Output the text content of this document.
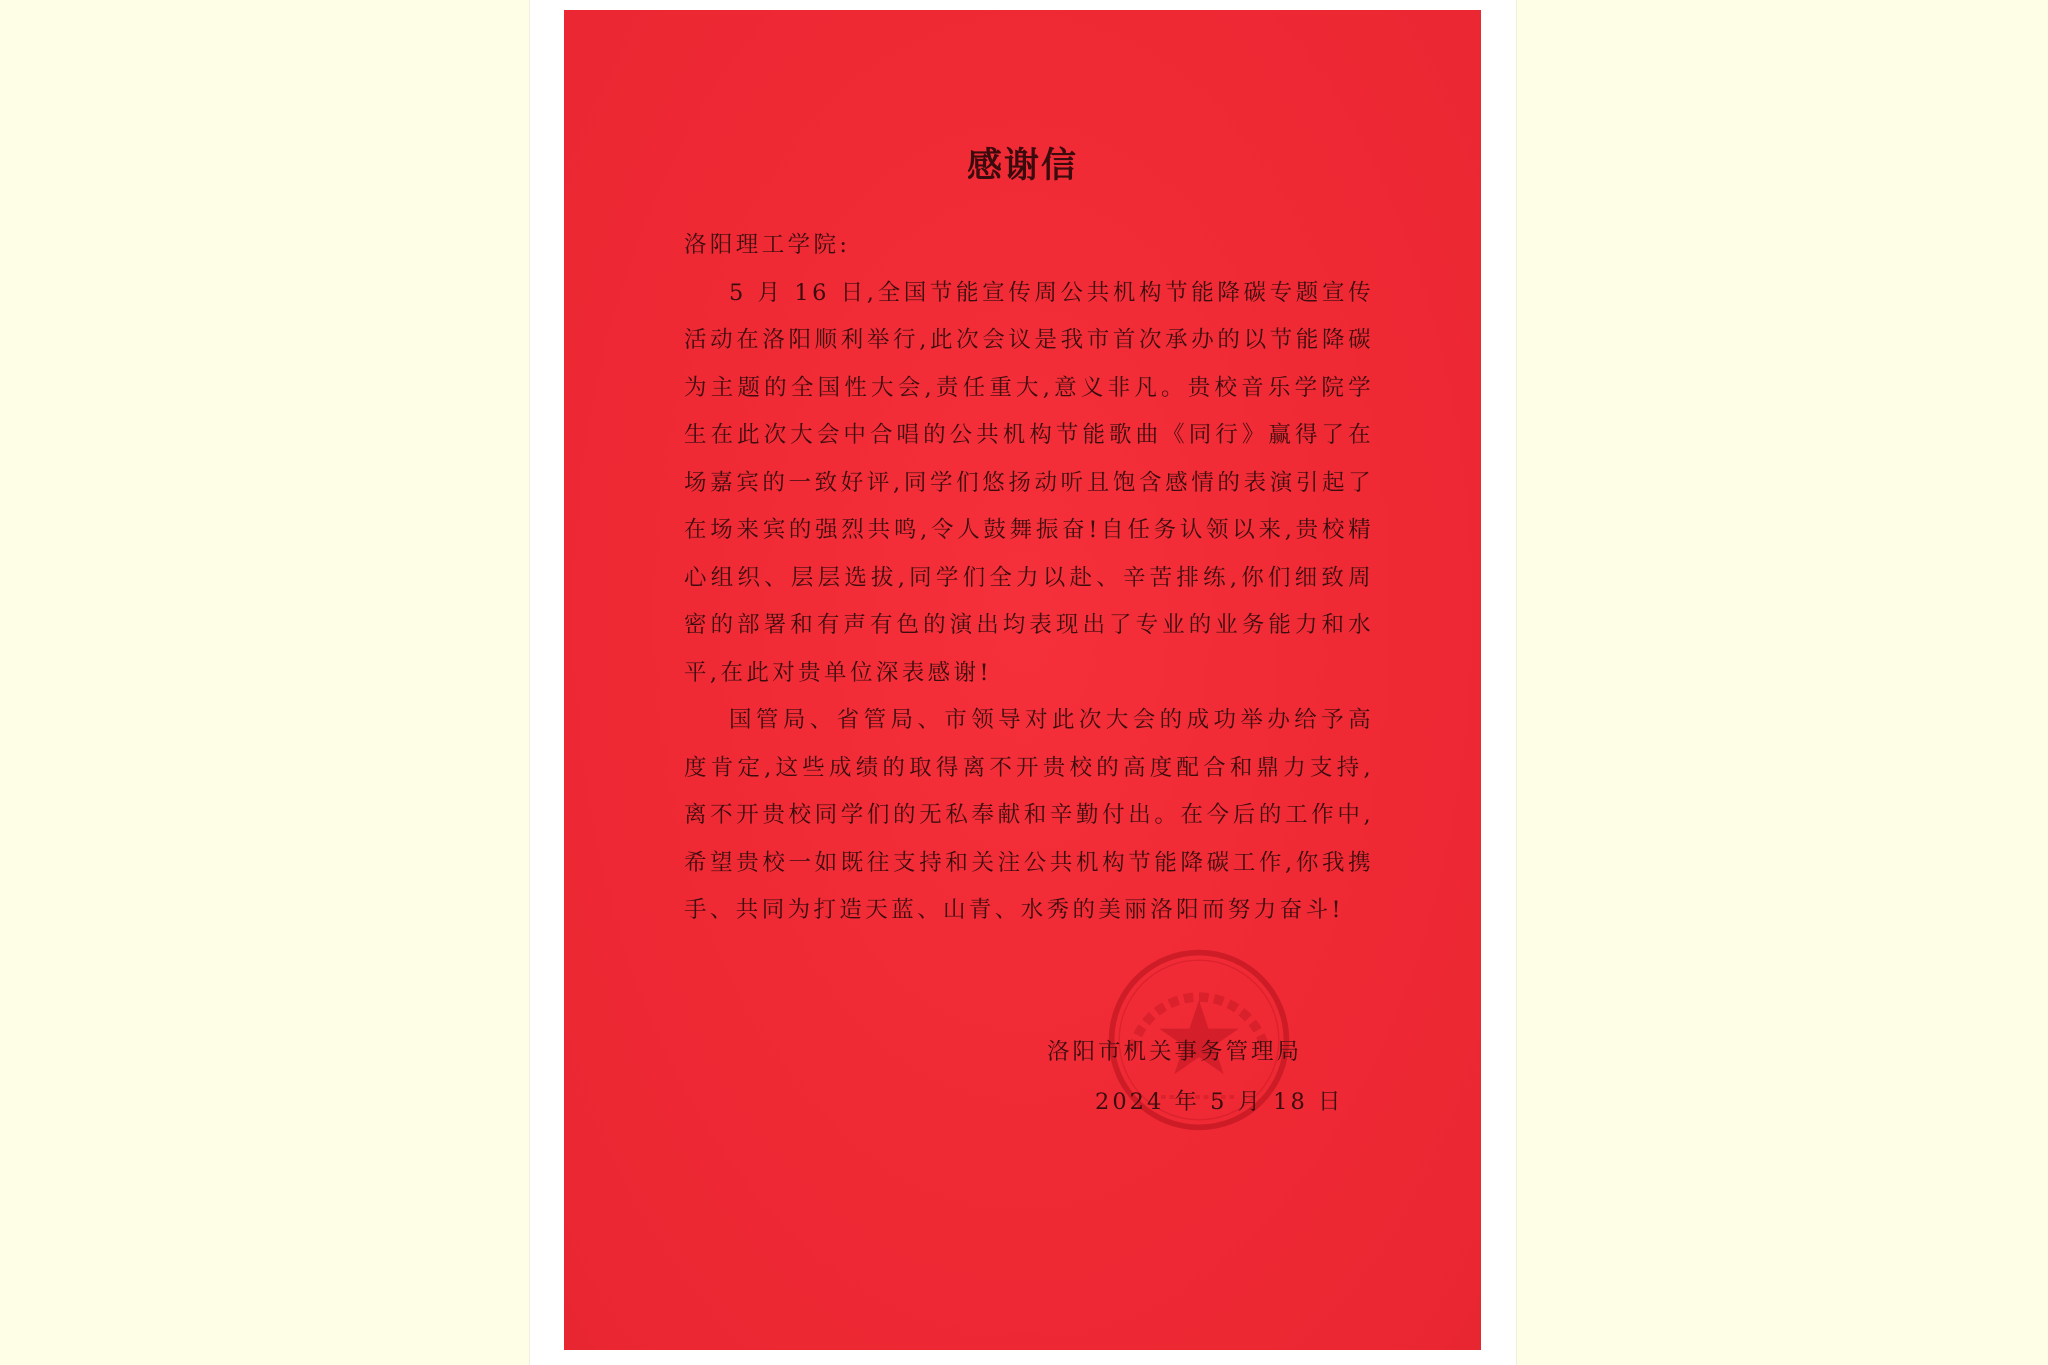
感谢信

洛阳理工学院:

5 月 16 日,全国节能宣传周公共机构节能降碳专题宣传活动在洛阳顺利举行,此次会议是我市首次承办的以节能降碳为主题的全国性大会,责任重大,意义非凡。贵校音乐学院学生在此次大会中合唱的公共机构节能歌曲《同行》赢得了在场嘉宾的一致好评,同学们悠扬动听且饱含感情的表演引起了在场来宾的强烈共鸣,令人鼓舞振奋!自任务认领以来,贵校精心组织、层层选拔,同学们全力以赴、辛苦排练,你们细致周密的部署和有声有色的演出均表现出了专业的业务能力和水平,在此对贵单位深表感谢!

国管局、省管局、市领导对此次大会的成功举办给予高度肯定,这些成绩的取得离不开贵校的高度配合和鼎力支持,离不开贵校同学们的无私奉献和辛勤付出。在今后的工作中,希望贵校一如既往支持和关注公共机构节能降碳工作,你我携手、共同为打造天蓝、山青、水秀的美丽洛阳而努力奋斗!

洛阳市机关事务管理局

2024 年 5 月 18 日
